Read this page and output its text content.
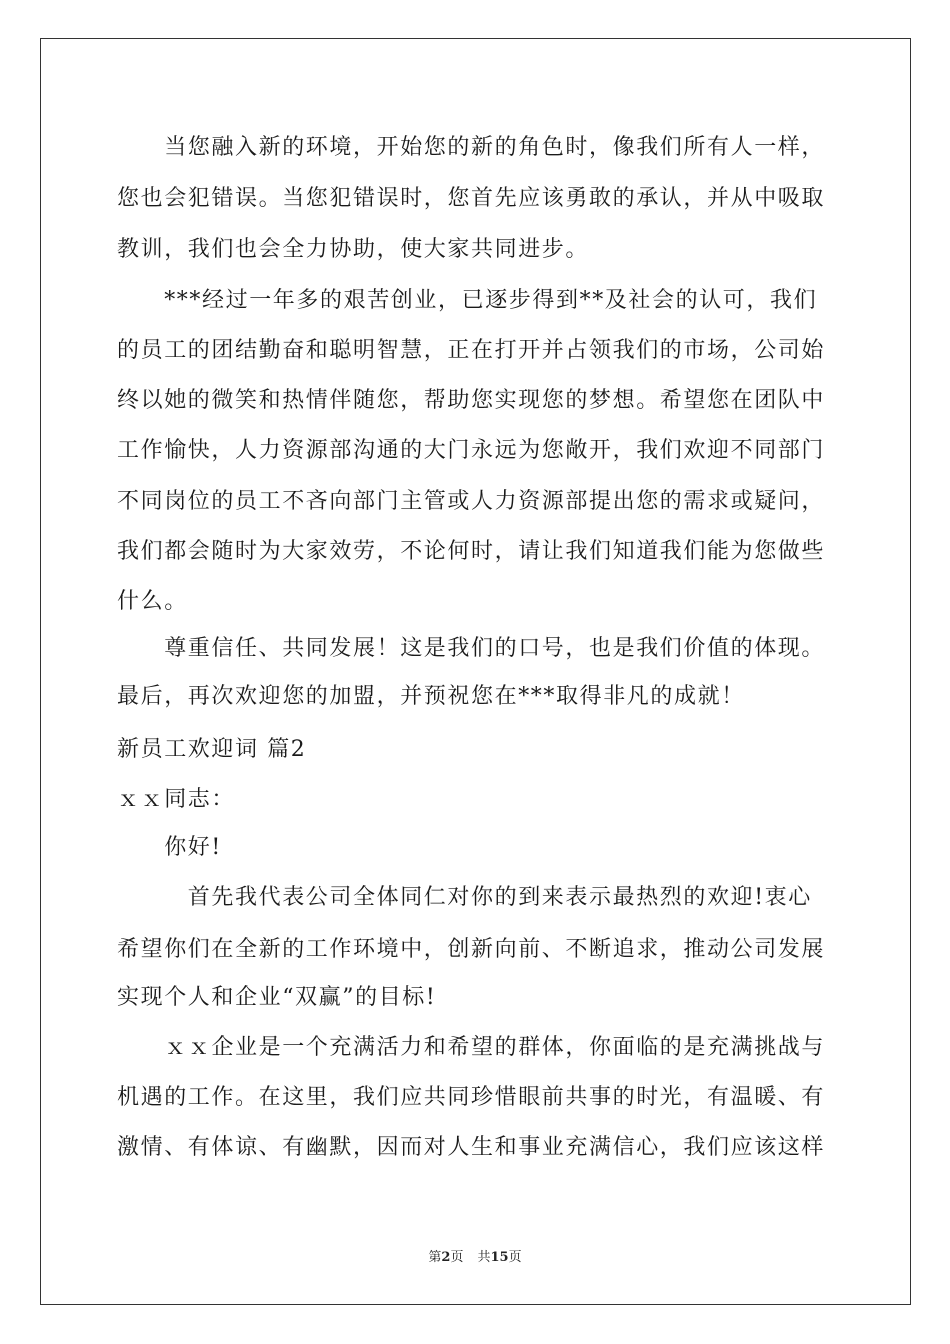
　　当您融入新的环境，开始您的新的角色时，像我们所有人一样，
您也会犯错误。当您犯错误时，您首先应该勇敢的承认，并从中吸取
教训，我们也会全力协助，使大家共同进步。
　　***经过一年多的艰苦创业，已逐步得到**及社会的认可，我们
的员工的团结勤奋和聪明智慧，正在打开并占领我们的市场，公司始
终以她的微笑和热情伴随您，帮助您实现您的梦想。希望您在团队中
工作愉快，人力资源部沟通的大门永远为您敞开，我们欢迎不同部门
不同岗位的员工不吝向部门主管或人力资源部提出您的需求或疑问，
我们都会随时为大家效劳，不论何时，请让我们知道我们能为您做些
什么。
　　尊重信任、共同发展！这是我们的口号，也是我们价值的体现。
最后，再次欢迎您的加盟，并预祝您在***取得非凡的成就！
新员工欢迎词 篇2
ｘｘ同志：
　　你好!
　　　首先我代表公司全体同仁对你的到来表示最热烈的欢迎!衷心
希望你们在全新的工作环境中，创新向前、不断追求，推动公司发展
实现个人和企业“双赢”的目标!
　　ｘｘ企业是一个充满活力和希望的群体，你面临的是充满挑战与
机遇的工作。在这里，我们应共同珍惜眼前共事的时光，有温暖、有
激情、有体谅、有幽默，因而对人生和事业充满信心，我们应该这样
第2页 共15页
